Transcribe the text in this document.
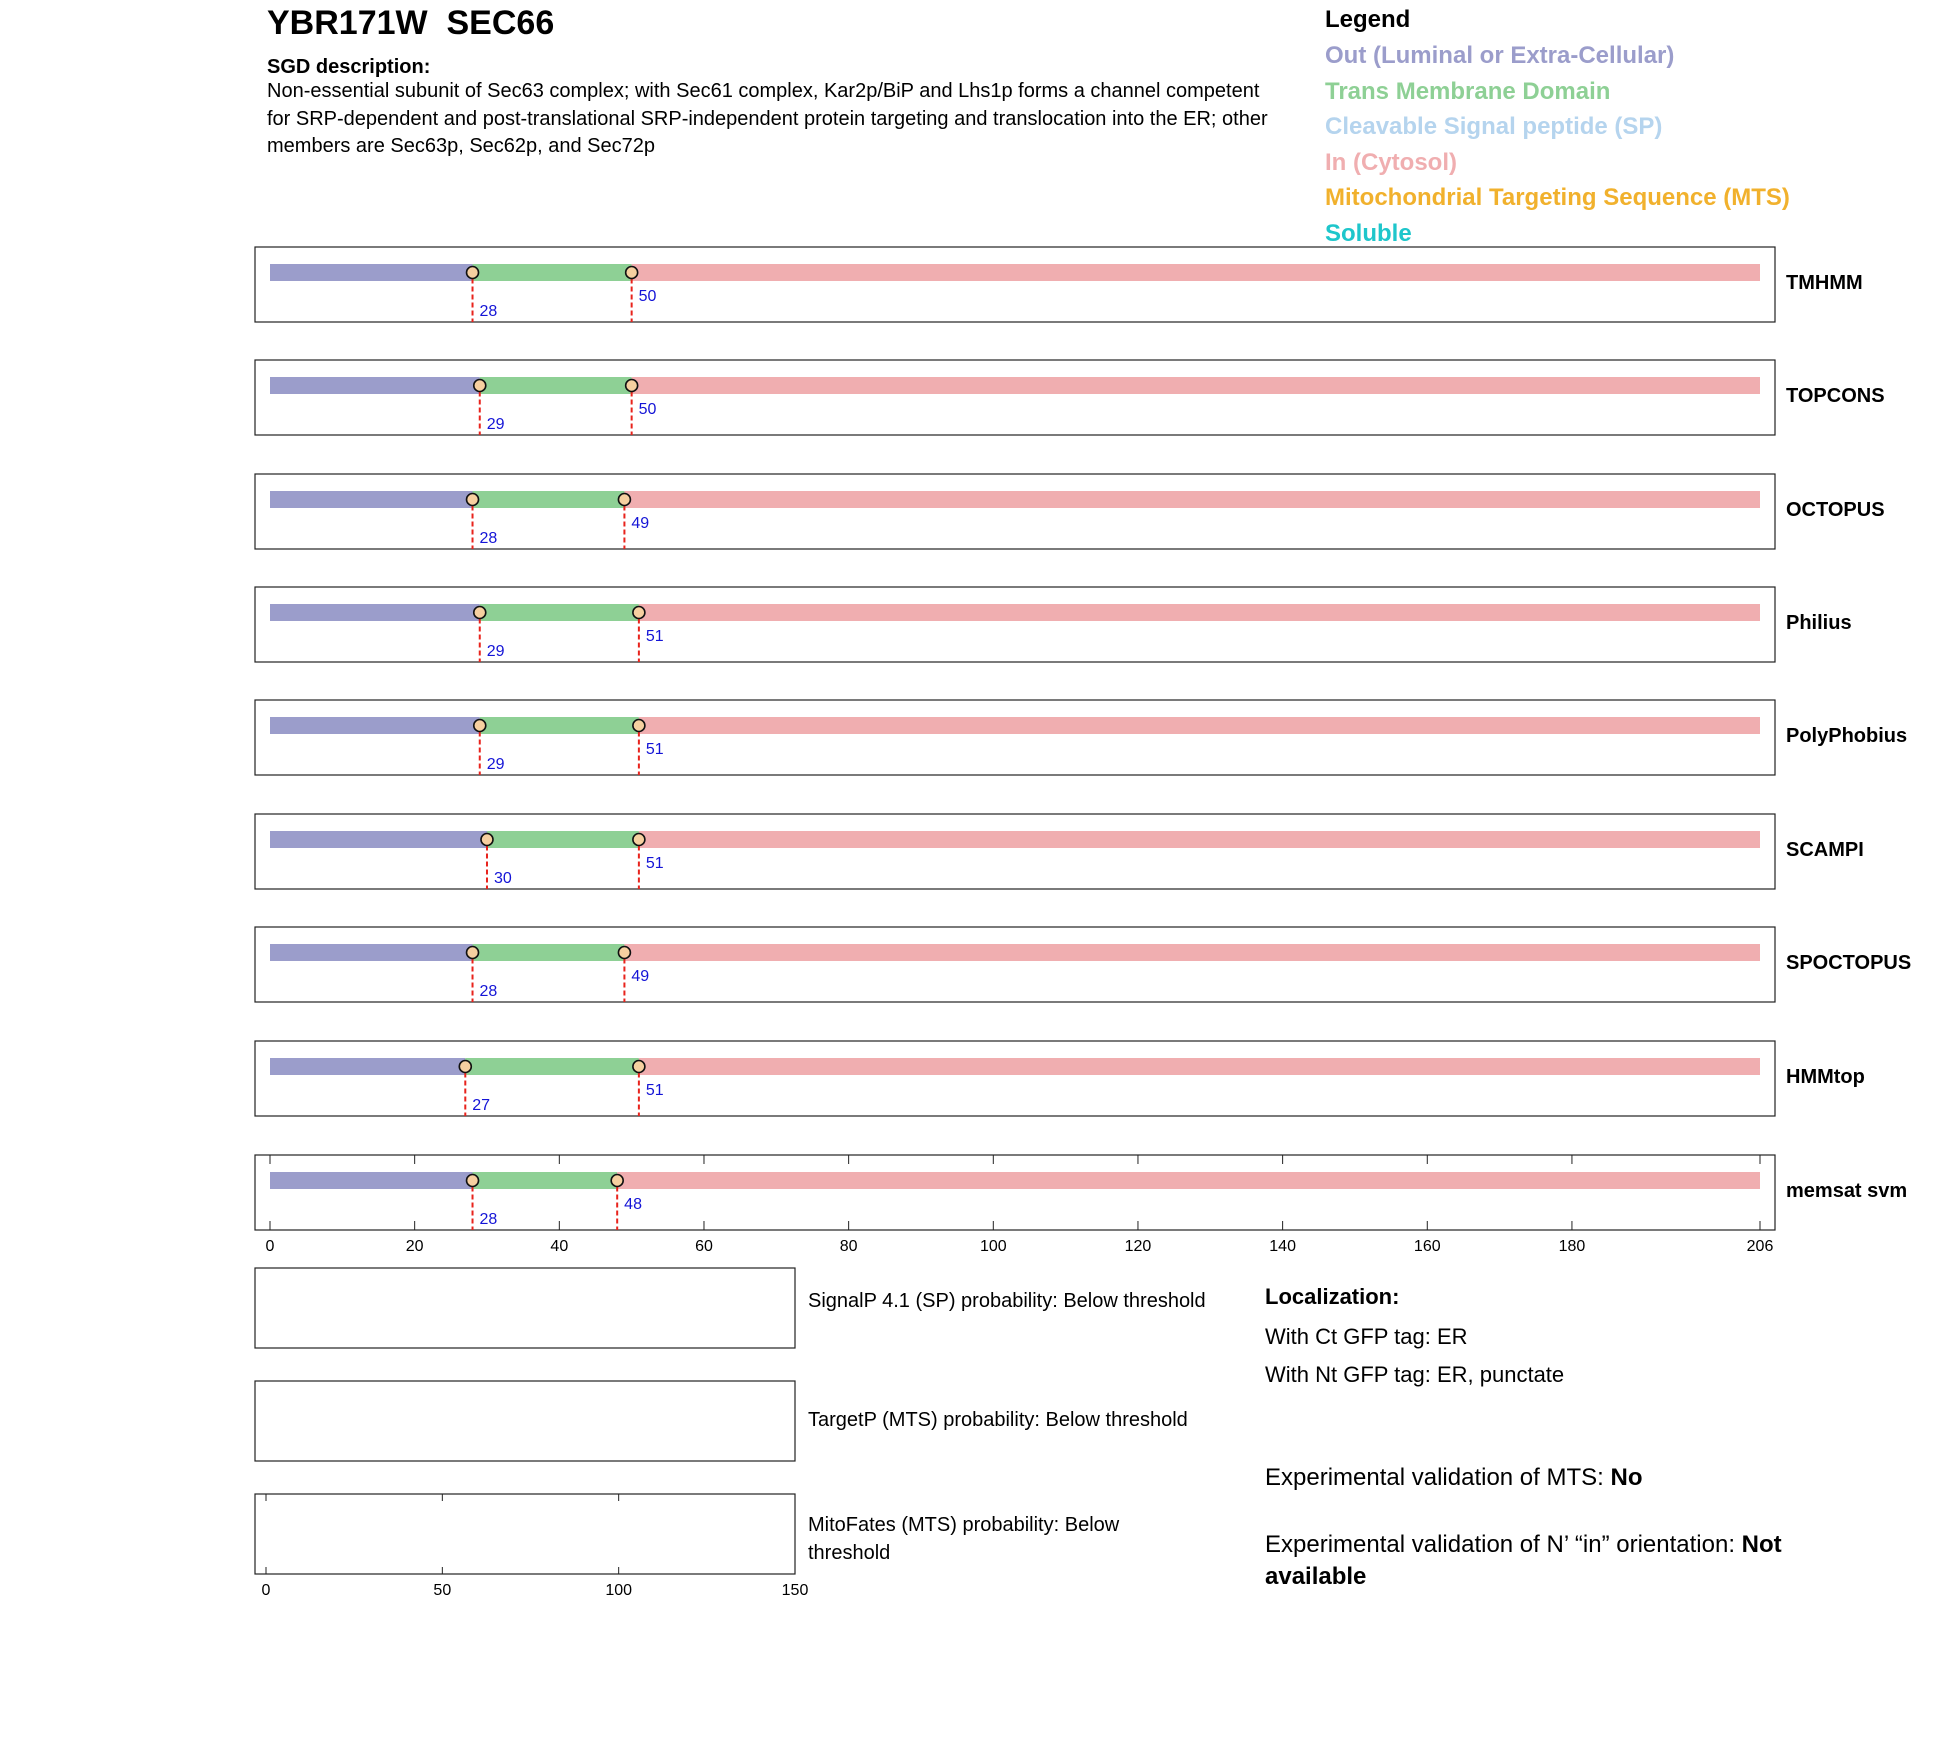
YBR171W  SEC66
SGD description:
Non-essential subunit of Sec63 complex; with Sec61 complex, Kar2p/BiP and Lhs1p forms a channel competent for SRP-dependent and post-translational SRP-independent protein targeting and translocation into the ER; other members are Sec63p, Sec62p, and Sec72p
Legend
Out (Luminal or Extra-Cellular)
Trans Membrane Domain
Cleavable Signal peptide (SP)
In (Cytosol)
Mitochondrial Targeting Sequence (MTS)
Soluble
28
50
TMHMM
29
50
TOPCONS
28
49
OCTOPUS
29
51
Philius
29
51
PolyPhobius
30
51
SCAMPI
28
49
SPOCTOPUS
27
51
HMMtop
28
48
memsat svm
0	20	40	60	80	100	120	140	160	180	206
0	50	100	150
SignalP 4.1 (SP) probability: Below threshold
TargetP (MTS) probability: Below threshold
MitoFates (MTS) probability: Below threshold
Localization:
With Ct GFP tag: ER
With Nt GFP tag: ER, punctate
Experimental validation of MTS: No
Experimental validation of N’ “in” orientation: Not available
